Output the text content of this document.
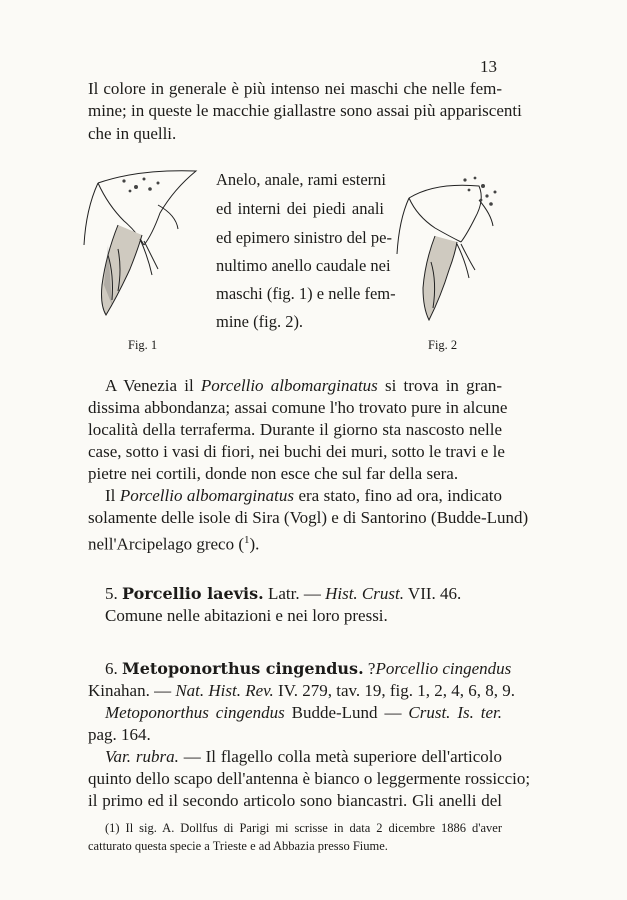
13
Il colore in generale è più intenso nei maschi che nelle fem-
mine; in queste le macchie giallastre sono assai più appariscenti
che in quelli.
Anelo, anale, rami esterni
ed interni dei piedi anali
ed epimero sinistro del pe-
nultimo anello caudale nei
maschi (fig. 1) e nelle fem-
mine (fig. 2).
Fig. 1	Fig. 2
A Venezia il Porcellio albomarginatus si trova in gran-
dissima abbondanza; assai comune l'ho trovato pure in alcune
località della terraferma. Durante il giorno sta nascosto nelle
case, sotto i vasi di fiori, nei buchi dei muri, sotto le travi e le
pietre nei cortili, donde non esce che sul far della sera.
Il Porcellio albomarginatus era stato, fino ad ora, indicato
solamente delle isole di Sira (Vogl) e di Santorino (Budde-Lund)
nell'Arcipelago greco ($^1$).
5. Porcellio laevis. Latr. — Hist. Crust. VII. 46.
Comune nelle abitazioni e nei loro pressi.
6. Metoponorthus cingendus. ?Porcellio cingendus
Kinahan. — Nat. Hist. Rev. IV. 279, tav. 19, fig. 1, 2, 4, 6, 8, 9.
Metoponorthus cingendus Budde-Lund — Crust. Is. ter.
pag. 164.
Var. rubra. — Il flagello colla metà superiore dell'articolo
quinto dello scapo dell'antenna è bianco o leggermente rossiccio;
il primo ed il secondo articolo sono biancastri. Gli anelli del
(1) Il sig. A. Dollfus di Parigi mi scrisse in data 2 dicembre 1886 d'aver
catturato questa specie a Trieste e ad Abbazia presso Fiume.
